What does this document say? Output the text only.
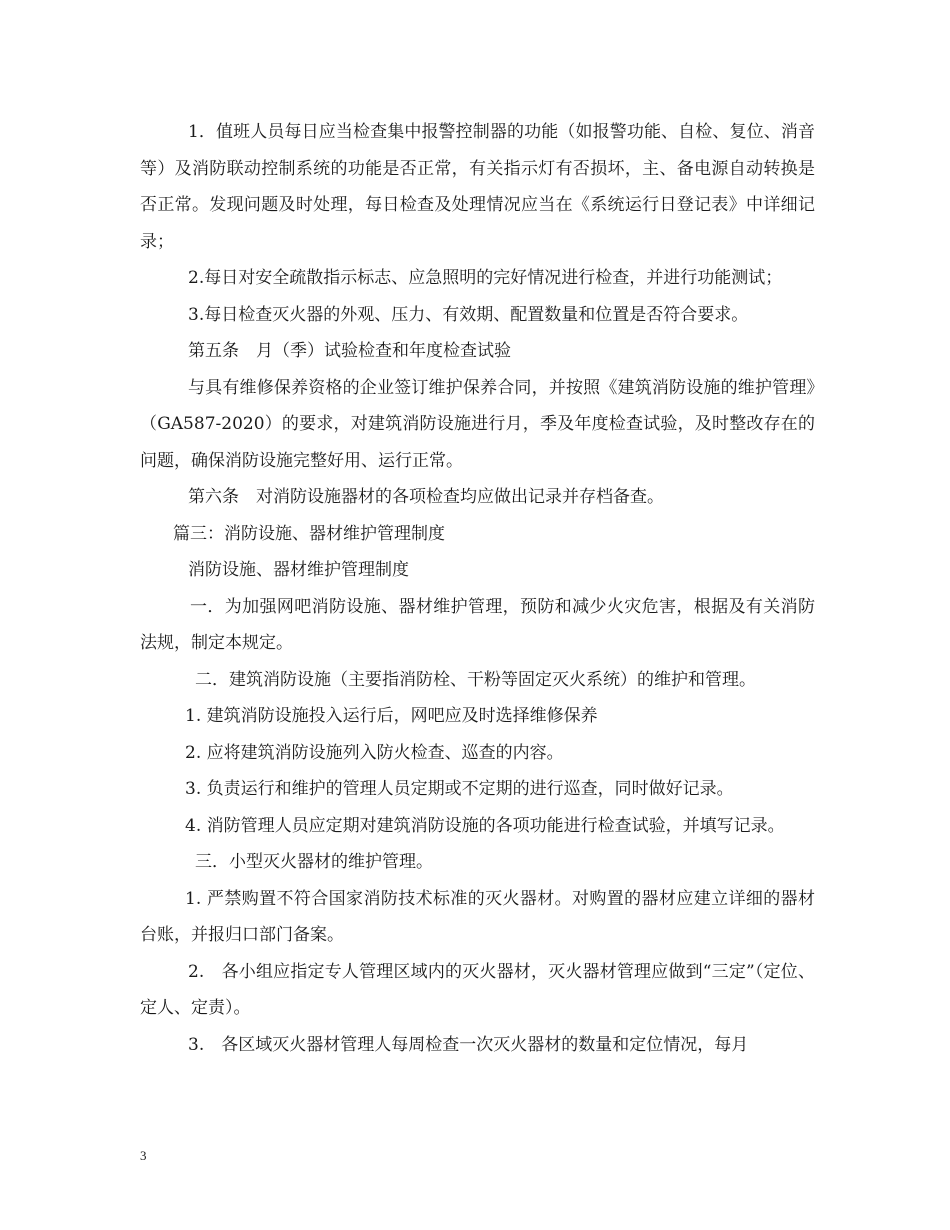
1．值班人员每日应当检查集中报警控制器的功能（如报警功能、自检、复位、消音等）及消防联动控制系统的功能是否正常，有关指示灯有否损坏，主、备电源自动转换是否正常。发现问题及时处理，每日检查及处理情况应当在《系统运行日登记表》中详细记录；

2.每日对安全疏散指示标志、应急照明的完好情况进行检查，并进行功能测试；

3.每日检查灭火器的外观、压力、有效期、配置数量和位置是否符合要求。

第五条　月（季）试验检查和年度检查试验

与具有维修保养资格的企业签订维护保养合同，并按照《建筑消防设施的维护管理》（GA587-2020）的要求，对建筑消防设施进行月，季及年度检查试验，及时整改存在的问题，确保消防设施完整好用、运行正常。

第六条　对消防设施器材的各项检查均应做出记录并存档备查。

篇三：消防设施、器材维护管理制度

消防设施、器材维护管理制度

一．为加强网吧消防设施、器材维护管理，预防和减少火灾危害，根据及有关消防法规，制定本规定。

二．建筑消防设施（主要指消防栓、干粉等固定灭火系统）的维护和管理。

1. 建筑消防设施投入运行后，网吧应及时选择维修保养

2. 应将建筑消防设施列入防火检查、巡查的内容。

3. 负责运行和维护的管理人员定期或不定期的进行巡查，同时做好记录。

4. 消防管理人员应定期对建筑消防设施的各项功能进行检查试验，并填写记录。

三．小型灭火器材的维护管理。

1. 严禁购置不符合国家消防技术标准的灭火器材。对购置的器材应建立详细的器材台账，并报归口部门备案。

2.　各小组应指定专人管理区域内的灭火器材，灭火器材管理应做到“三定”（定位、定人、定责）。

3.　各区域灭火器材管理人每周检查一次灭火器材的数量和定位情况，每月

3
